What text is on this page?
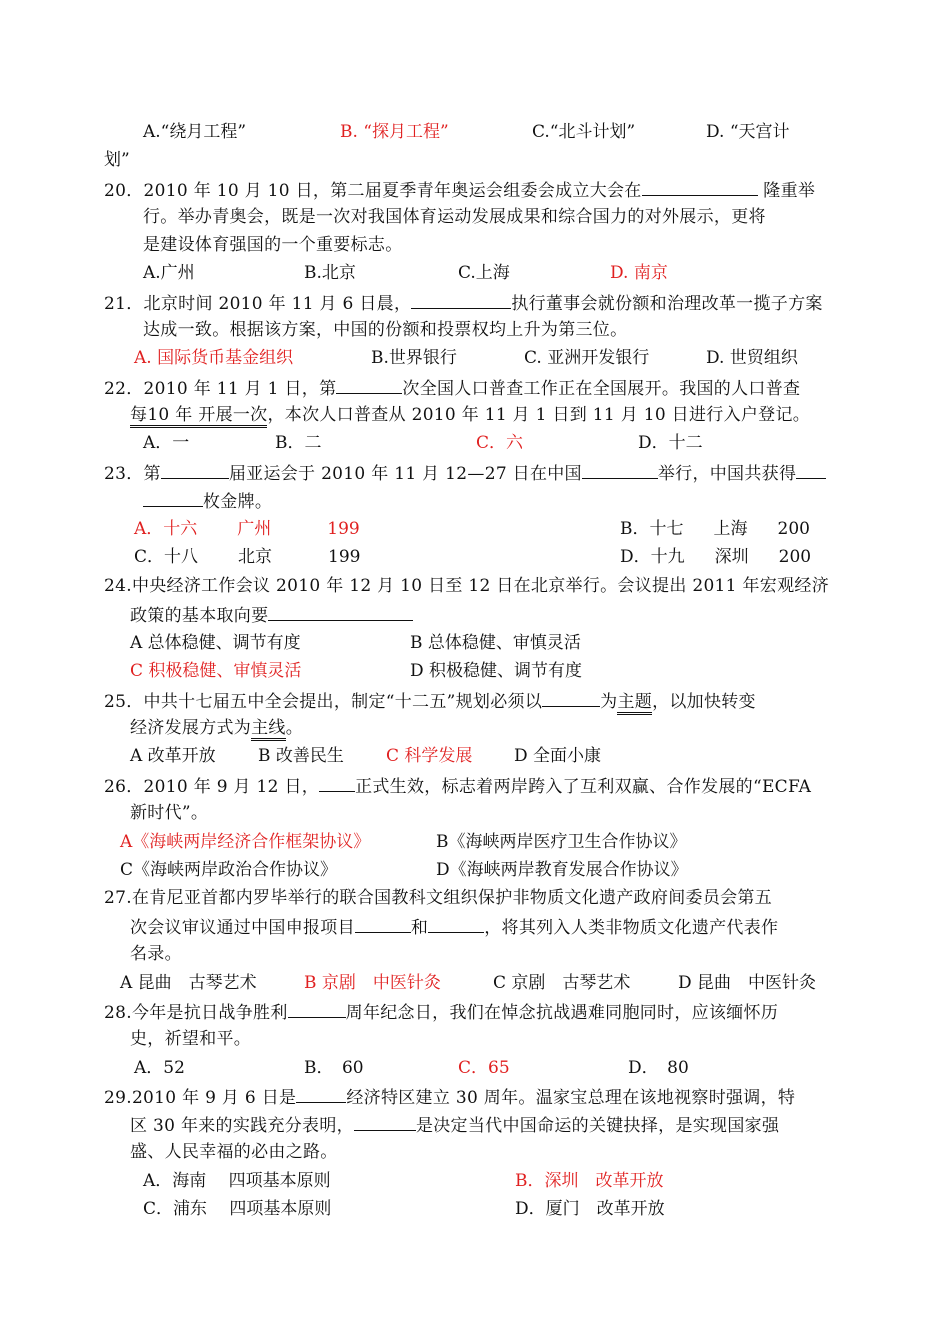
A.“绕月工程”	B. “探月工程”	C.“北斗计划”	D. “天宫计
划”
20．2010 年 10 月 10 日，第二届夏季青年奥运会组委会成立大会在	隆重举
行。举办青奥会，既是一次对我国体育运动发展成果和综合国力的对外展示，更将
是建设体育强国的一个重要标志。
A.广州	B.北京	C.上海	D. 南京
21．北京时间 2010 年 11 月 6 日晨，	执行董事会就份额和治理改革一揽子方案
达成一致。根据该方案，中国的份额和投票权均上升为第三位。
A. 国际货币基金组织	B.世界银行	C. 亚洲开发银行	D. 世贸组织
22．2010 年 11 月 1 日，第	次全国人口普查工作正在全国展开。我国的人口普查
每10 年 开展一次，本次人口普查从 2010 年 11 月 1 日到 11 月 10 日进行入户登记。
A．一	B．二	C．六	D．十二
23．第	届亚运会于 2010 年 11 月 12—27 日在中国	举行，中国共获得
枚金牌。
A．十六 广州	199	B．十七 上海 200
C．十八 北京	199	D．十九 深圳 200
24.中央经济工作会议 2010 年 12 月 10 日至 12 日在北京举行。会议提出 2011 年宏观经济
政策的基本取向要
A 总体稳健、调节有度	B 总体稳健、审慎灵活
C 积极稳健、审慎灵活	D 积极稳健、调节有度
25．中共十七届五中全会提出，制定“十二五”规划必须以	为主题，以加快转变
经济发展方式为主线。
A 改革开放 B 改善民生 C 科学发展 D 全面小康
26．2010 年 9 月 12 日， 正式生效，标志着两岸跨入了互利双赢、合作发展的“ECFA
新时代”。
A《海峡两岸经济合作框架协议》	B《海峡两岸医疗卫生合作协议》
C《海峡两岸政治合作协议》	D《海峡两岸教育发展合作协议》
27.在肯尼亚首都内罗毕举行的联合国教科文组织保护非物质文化遗产政府间委员会第五
次会议审议通过中国申报项目	和	，将其列入人类非物质文化遗产代表作
名录。
A 昆曲　古琴艺术	B 京剧　中医针灸	C 京剧　古琴艺术	D 昆曲　中医针灸
28.今年是抗日战争胜利	周年纪念日，我们在悼念抗战遇难同胞同时，应该缅怀历
史，祈望和平。
A．52	B．　60	C．65	D．　80
29.2010 年 9 月 6 日是	经济特区建立 30 周年。温家宝总理在该地视察时强调，特
区 30 年来的实践充分表明，	是决定当代中国命运的关键抉择，是实现国家强
盛、人民幸福的必由之路。
A．海南　 四项基本原则	B．深圳　改革开放
C．浦东　 四项基本原则	D．厦门　改革开放
